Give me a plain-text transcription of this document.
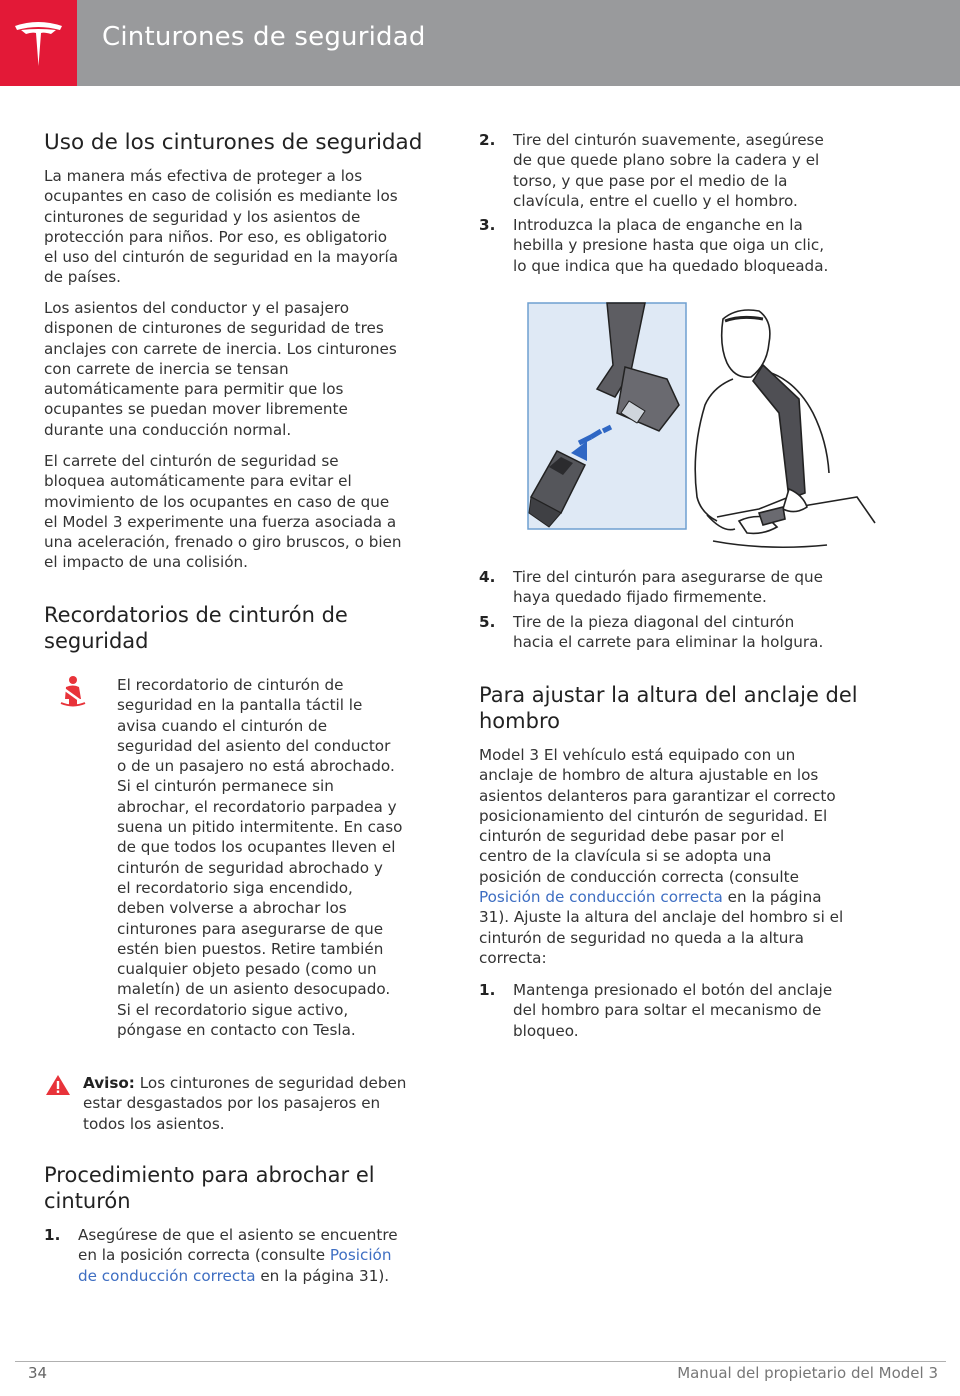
Cinturones de seguridad
Uso de los cinturones de seguridad
La manera más efectiva de proteger a los
ocupantes en caso de colisión es mediante los
cinturones de seguridad y los asientos de
protección para niños. Por eso, es obligatorio
el uso del cinturón de seguridad en la mayoría
de países.
Los asientos del conductor y el pasajero
disponen de cinturones de seguridad de tres
anclajes con carrete de inercia. Los cinturones
con carrete de inercia se tensan
automáticamente para permitir que los
ocupantes se puedan mover libremente
durante una conducción normal.
El carrete del cinturón de seguridad se
bloquea automáticamente para evitar el
movimiento de los ocupantes en caso de que
el Model 3 experimente una fuerza asociada a
una aceleración, frenado o giro bruscos, o bien
el impacto de una colisión.
Recordatorios de cinturón de
seguridad
El recordatorio de cinturón de
seguridad en la pantalla táctil le
avisa cuando el cinturón de
seguridad del asiento del conductor
o de un pasajero no está abrochado.
Si el cinturón permanece sin
abrochar, el recordatorio parpadea y
suena un pitido intermitente. En caso
de que todos los ocupantes lleven el
cinturón de seguridad abrochado y
el recordatorio siga encendido,
deben volverse a abrochar los
cinturones para asegurarse de que
estén bien puestos. Retire también
cualquier objeto pesado (como un
maletín) de un asiento desocupado.
Si el recordatorio sigue activo,
póngase en contacto con Tesla.
Aviso: Los cinturones de seguridad deben
estar desgastados por los pasajeros en
todos los asientos.
Procedimiento para abrochar el
cinturón
1. Asegúrese de que el asiento se encuentre
en la posición correcta (consulte Posición
de conducción correcta en la página 31).
2. Tire del cinturón suavemente, asegúrese
de que quede plano sobre la cadera y el
torso, y que pase por el medio de la
clavícula, entre el cuello y el hombro.
3. Introduzca la placa de enganche en la
hebilla y presione hasta que oiga un clic,
lo que indica que ha quedado bloqueada.
4. Tire del cinturón para asegurarse de que
haya quedado fijado firmemente.
5. Tire de la pieza diagonal del cinturón
hacia el carrete para eliminar la holgura.
Para ajustar la altura del anclaje del
hombro
Model 3 El vehículo está equipado con un
anclaje de hombro de altura ajustable en los
asientos delanteros para garantizar el correcto
posicionamiento del cinturón de seguridad. El
cinturón de seguridad debe pasar por el
centro de la clavícula si se adopta una
posición de conducción correcta (consulte
Posición de conducción correcta en la página
31). Ajuste la altura del anclaje del hombro si el
cinturón de seguridad no queda a la altura
correcta:
1. Mantenga presionado el botón del anclaje
del hombro para soltar el mecanismo de
bloqueo.
34	Manual del propietario del Model 3
